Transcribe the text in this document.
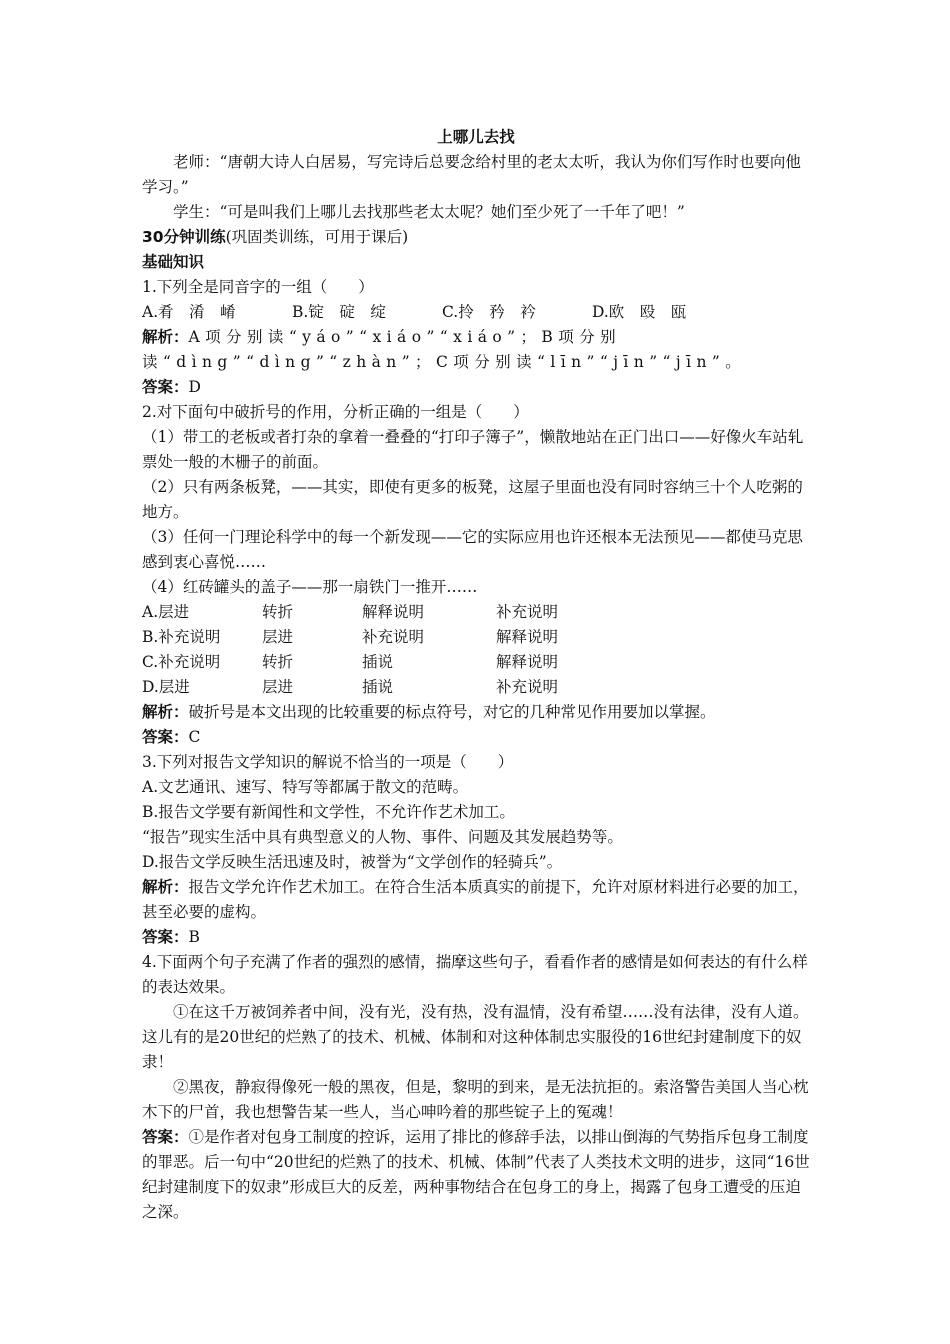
上哪儿去找

老师：“唐朝大诗人白居易，写完诗后总要念给村里的老太太听，我认为你们写作时也要向他学习。”

学生：“可是叫我们上哪儿去找那些老太太呢？她们至少死了一千年了吧！”

30分钟训练(巩固类训练，可用于课后)

基础知识

1.下列全是同音字的一组（　　）

A.肴　淆　崤	B.锭　碇　绽	C.拎　矜　衿	D.欧　殴　瓯

解析：A项分别读“yáo”“xiáo”“xiáo”；B项分别读“dìng”“dìng”“zhàn”；C项分别读“līn”“jīn”“jīn”。

答案：D

2.对下面句中破折号的作用，分析正确的一组是（　　）

（1）带工的老板或者打杂的拿着一叠叠的“打印子簿子”，懒散地站在正门出口——好像火车站轧票处一般的木栅子的前面。

（2）只有两条板凳，——其实，即使有更多的板凳，这屋子里面也没有同时容纳三十个人吃粥的地方。

（3）任何一门理论科学中的每一个新发现——它的实际应用也许还根本无法预见——都使马克思感到衷心喜悦……

（4）红砖罐头的盖子——那一扇铁门一推开……

A.层进	转折	解释说明	补充说明

B.补充说明	层进	补充说明	解释说明

C.补充说明	转折	插说	解释说明

D.层进	层进	插说	补充说明

解析：破折号是本文出现的比较重要的标点符号，对它的几种常见作用要加以掌握。

答案：C

3.下列对报告文学知识的解说不恰当的一项是（　　）

A.文艺通讯、速写、特写等都属于散文的范畴。

B.报告文学要有新闻性和文学性，不允许作艺术加工。

“报告”现实生活中具有典型意义的人物、事件、问题及其发展趋势等。

D.报告文学反映生活迅速及时，被誉为“文学创作的轻骑兵”。

解析：报告文学允许作艺术加工。在符合生活本质真实的前提下，允许对原材料进行必要的加工，甚至必要的虚构。

答案：B

4.下面两个句子充满了作者的强烈的感情，揣摩这些句子，看看作者的感情是如何表达的有什么样的表达效果。

①在这千万被饲养者中间，没有光，没有热，没有温情，没有希望……没有法律，没有人道。这儿有的是20世纪的烂熟了的技术、机械、体制和对这种体制忠实服役的16世纪封建制度下的奴隶！

②黑夜，静寂得像死一般的黑夜，但是，黎明的到来，是无法抗拒的。索洛警告美国人当心枕木下的尸首，我也想警告某一些人，当心呻吟着的那些锭子上的冤魂！

答案：①是作者对包身工制度的控诉，运用了排比的修辞手法，以排山倒海的气势指斥包身工制度的罪恶。后一句中“20世纪的烂熟了的技术、机械、体制”代表了人类技术文明的进步，这同“16世纪封建制度下的奴隶”形成巨大的反差，两种事物结合在包身工的身上，揭露了包身工遭受的压迫之深。
